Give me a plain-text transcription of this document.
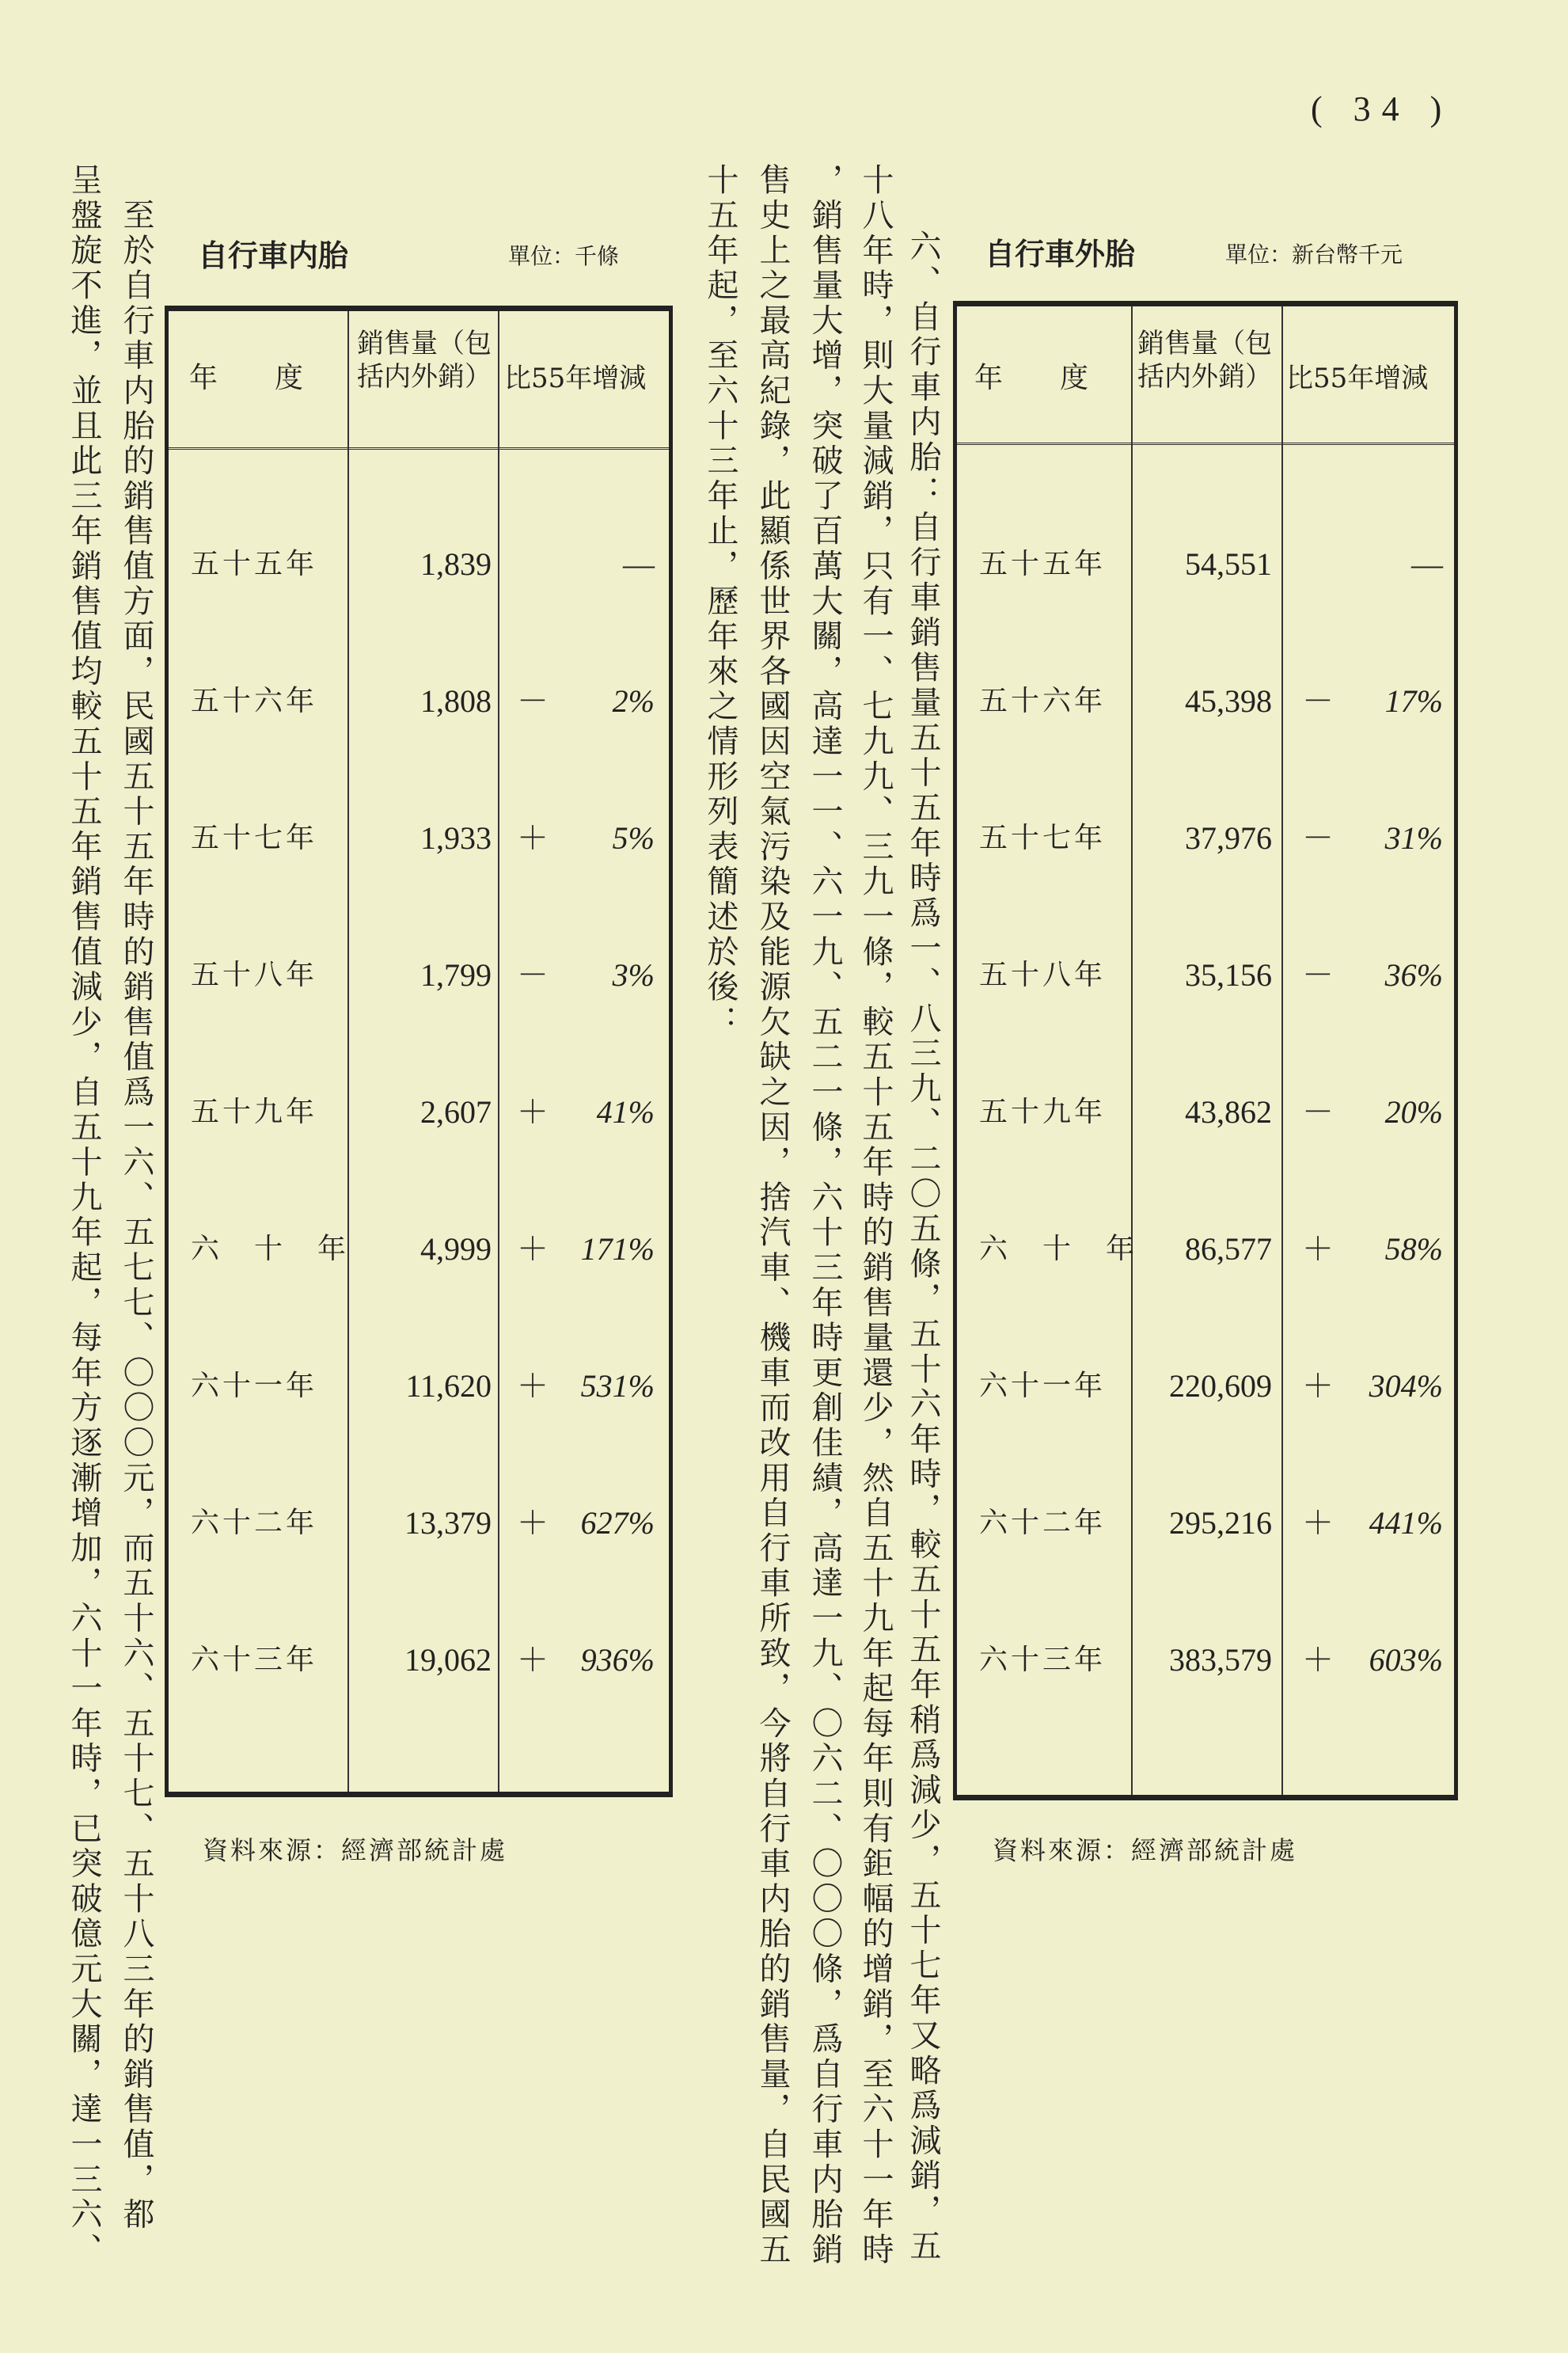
( 34 )
六、自行車内胎：自行車銷售量五十五年時爲一、八三九、二〇五條，五十六年時，較五十五年稍爲減少，五十七年又略爲減銷，五
十八年時，則大量減銷，只有一、七九九、三九一條，較五十五年時的銷售量還少，然自五十九年起每年則有鉅幅的增銷，至六十一年時
，銷售量大增，突破了百萬大關，高達一一、六一九、五二一條，六十三年時更創佳績，高達一九、〇六二、〇〇〇條，爲自行車内胎銷
售史上之最高紀錄，此顯係世界各國因空氣污染及能源欠缺之因，捨汽車、機車而改用自行車所致，今將自行車内胎的銷售量，自民國五
十五年起，至六十三年止，歷年來之情形列表簡述於後：
　至於自行車内胎的銷售值方面，民國五十五年時的銷售值爲一六、五七七、〇〇〇元，而五十六、五十七、五十八三年的銷售值，都
呈盤旋不進，並且此三年銷售值均較五十五年銷售值減少，自五十九年起，每年方逐漸增加，六十一年時，已突破億元大關，達一三六、	自行車内胎	單位：千條
年　　度
銷售量（包括内外銷） 比55年增減
五十五年	1,839	—
五十六年	1,808 － 2%
五十七年	1,933 ＋ 5%
五十八年	1,799 － 3%
五十九年	2,607 ＋ 41%
六　十　年 4,999 ＋ 171%
六十一年	11,620 ＋ 531%
六十二年	13,379 ＋ 627%
六十三年	19,062 ＋ 936%
資料來源：經濟部統計處
自行車外胎	單位：新台幣千元
年　　度
銷售量（包括内外銷） 比55年增減
五十五年 54,551	—
五十六年 45,398 － 17%
五十七年 37,976 － 31%
五十八年 35,156 － 36%
五十九年 43,862 － 20%
六　十　年 86,577 ＋ 58%
六十一年 220,609 ＋ 304%
六十二年 295,216 ＋ 441%
六十三年 383,579 ＋ 603%
資料來源：經濟部統計處
